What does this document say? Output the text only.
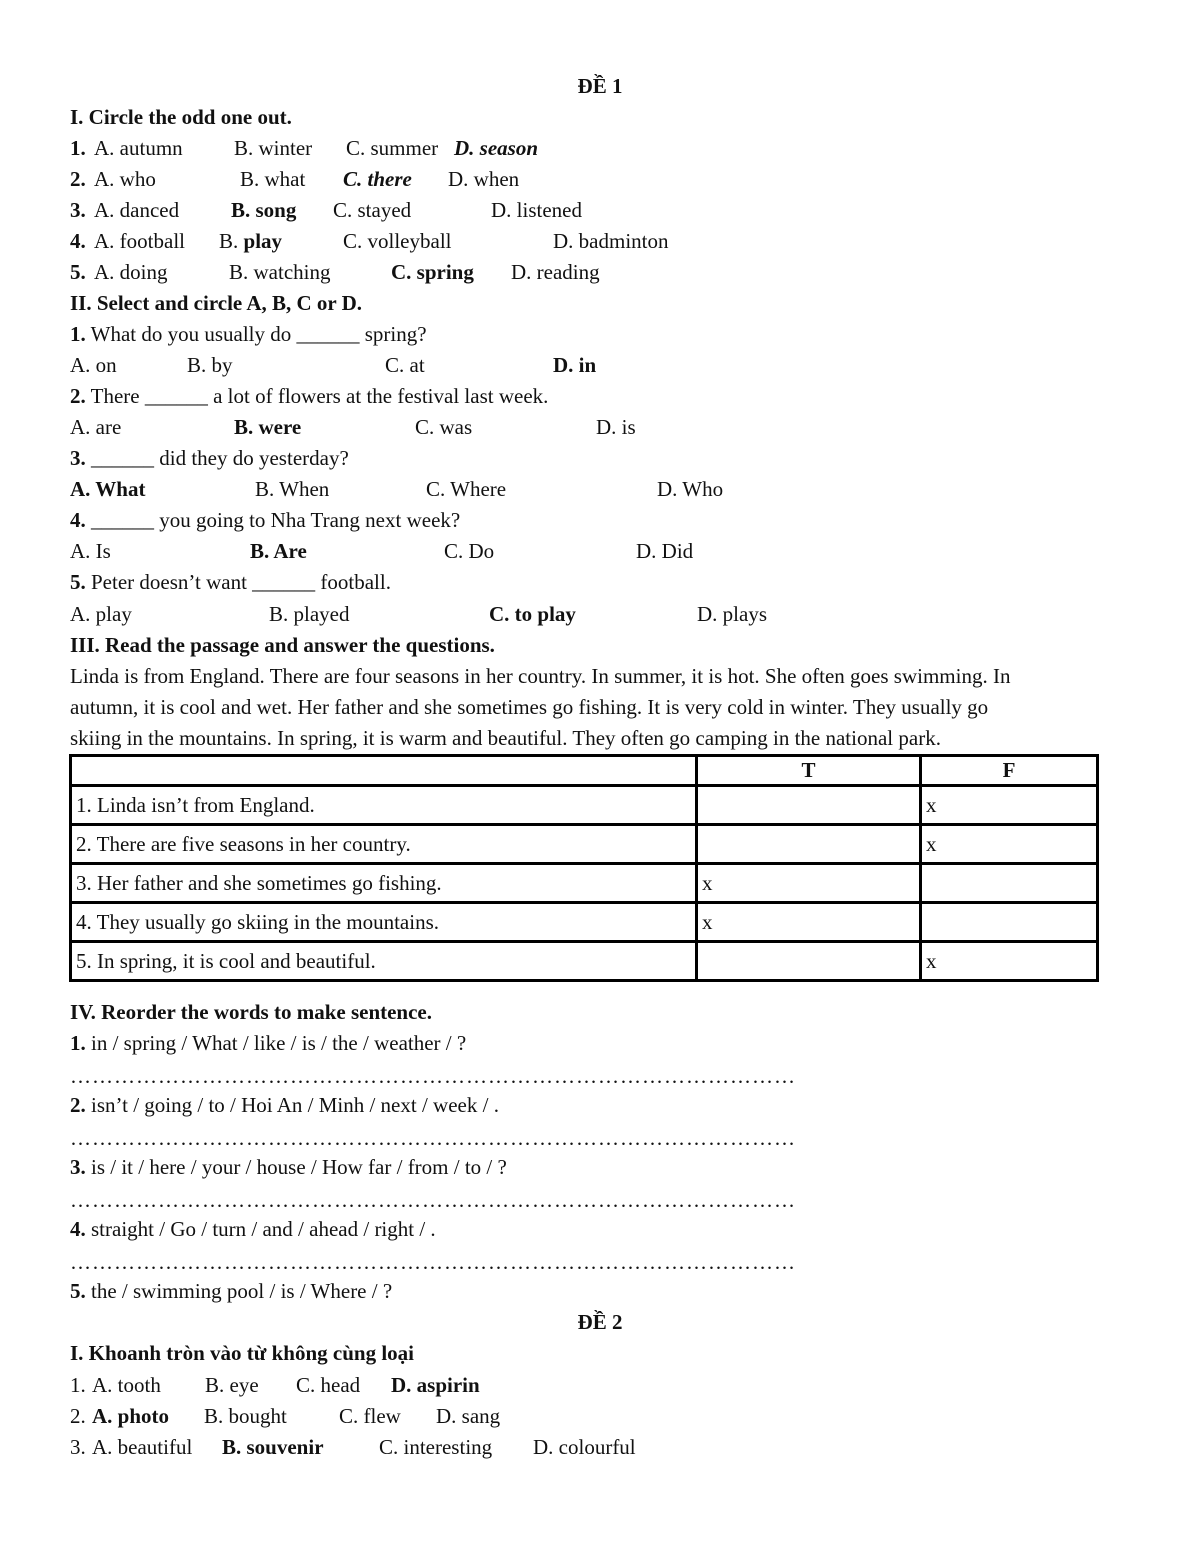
ĐỀ 1
I. Circle the odd one out.
1. A. autumn B. winter C. summer D. season
2. A. who	B. what C. there D. when
3. A. danced B. song C. stayed	D. listened
4. A. football B. play	C. volleyball	D. badminton
5. A. doing	B. watching	C. spring D. reading
II. Select and circle A, B, C or D.
1. What do you usually do ______ spring?
A. on	B. by	C. at	D. in
2. There ______ a lot of flowers at the festival last week.
A. are	B. were	C. was	D. is
3. ______ did they do yesterday?
A. What	B. When	C. Where	D. Who
4. ______ you going to Nha Trang next week?
A. Is	B. Are	C. Do	D. Did
5. Peter doesn’t want ______ football.
A. play	B. played	C. to play	D. plays
III. Read the passage and answer the questions.
Linda is from England. There are four seasons in her country. In summer, it is hot. She often goes swimming. In
autumn, it is cool and wet. Her father and she sometimes go fishing. It is very cold in winter. They usually go
skiing in the mountains. In spring, it is warm and beautiful. They often go camping in the national park.
	T	F
1. Linda isn’t from England.		x
2. There are five seasons in her country.		x
3. Her father and she sometimes go fishing.	x	
4. They usually go skiing in the mountains.	x	
5. In spring, it is cool and beautiful.		x
IV. Reorder the words to make sentence.
1. in / spring / What / like / is / the / weather / ?
………………………………………………………………………………………
2. isn’t / going / to / Hoi An / Minh / next / week / .
………………………………………………………………………………………
3. is / it / here / your / house / How far / from / to / ?
………………………………………………………………………………………
4. straight / Go / turn / and / ahead / right / .
………………………………………………………………………………………
5. the / swimming pool / is / Where / ?
ĐỀ 2
I. Khoanh tròn vào từ không cùng loại
1. A. tooth B. eye C. head D. aspirin
2. A. photo B. bought C. flew D. sang
3. A. beautiful B. souvenir	C. interesting D. colourful
